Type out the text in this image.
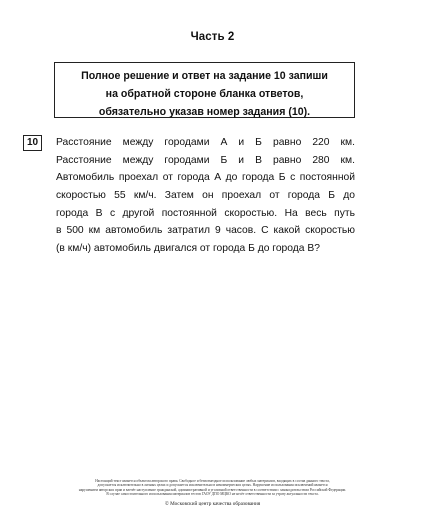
Часть 2
Полное решение и ответ на задание 10 запиши
на обратной стороне бланка ответов,
обязательно указав номер задания (10).
10	Расстояние между городами А и Б равно 220 км.
Расстояние между городами Б и В равно 280 км.
Автомобиль проехал от города А до города Б с постоянной
скоростью 55 км/ч. Затем он проехал от города Б до
города В с другой постоянной скоростью. На весь путь
в 500 км автомобиль затратил 9 часов. С какой скоростью
(в км/ч) автомобиль двигался от города Б до города В?
Настоящий текст является объектом авторского права. Свободное и безвозмездное использование любых материалов, входящих в состав данного текста,
допускается исключительно в личных целях и допускается исключительно в некоммерческих целях. Нарушение использования исключений является
нарушением авторских прав и влечёт наступление гражданской, административной и уголовной ответственности в соответствии с законодательством Российской Федерации.
В случае самостоятельного использования материалов тестов ГАОУ ДПО МЦКО не несёт ответственности за утрату актуальности текста.
© Московский центр качества образования
